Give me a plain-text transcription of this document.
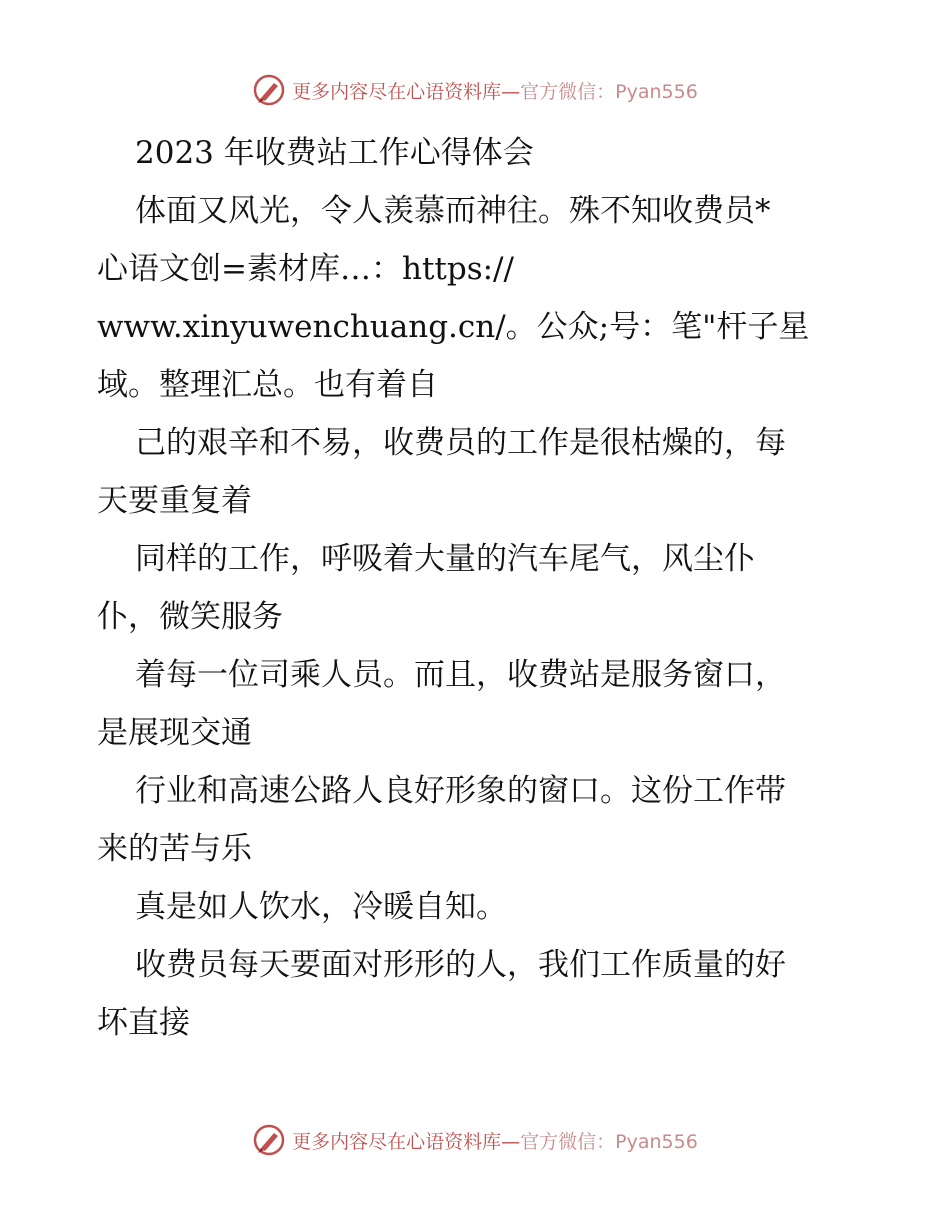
更多内容尽在心语资料库— 官方微信：Pyan556
2023 年收费站工作心得体会
体面又风光，令人羡慕而神往。殊不知收费员*
心语文创=素材库…：https://
www.xinyuwenchuang.cn/。公众;号：笔"杆子星
域。整理汇总。也有着自
己的艰辛和不易，收费员的工作是很枯燥的，每
天要重复着
同样的工作，呼吸着大量的汽车尾气，风尘仆
仆，微笑服务
着每一位司乘人员。而且，收费站是服务窗口，
是展现交通
行业和高速公路人良好形象的窗口。这份工作带
来的苦与乐
真是如人饮水，冷暖自知。
收费员每天要面对形形的人，我们工作质量的好
坏直接
更多内容尽在心语资料库— 官方微信：Pyan556
